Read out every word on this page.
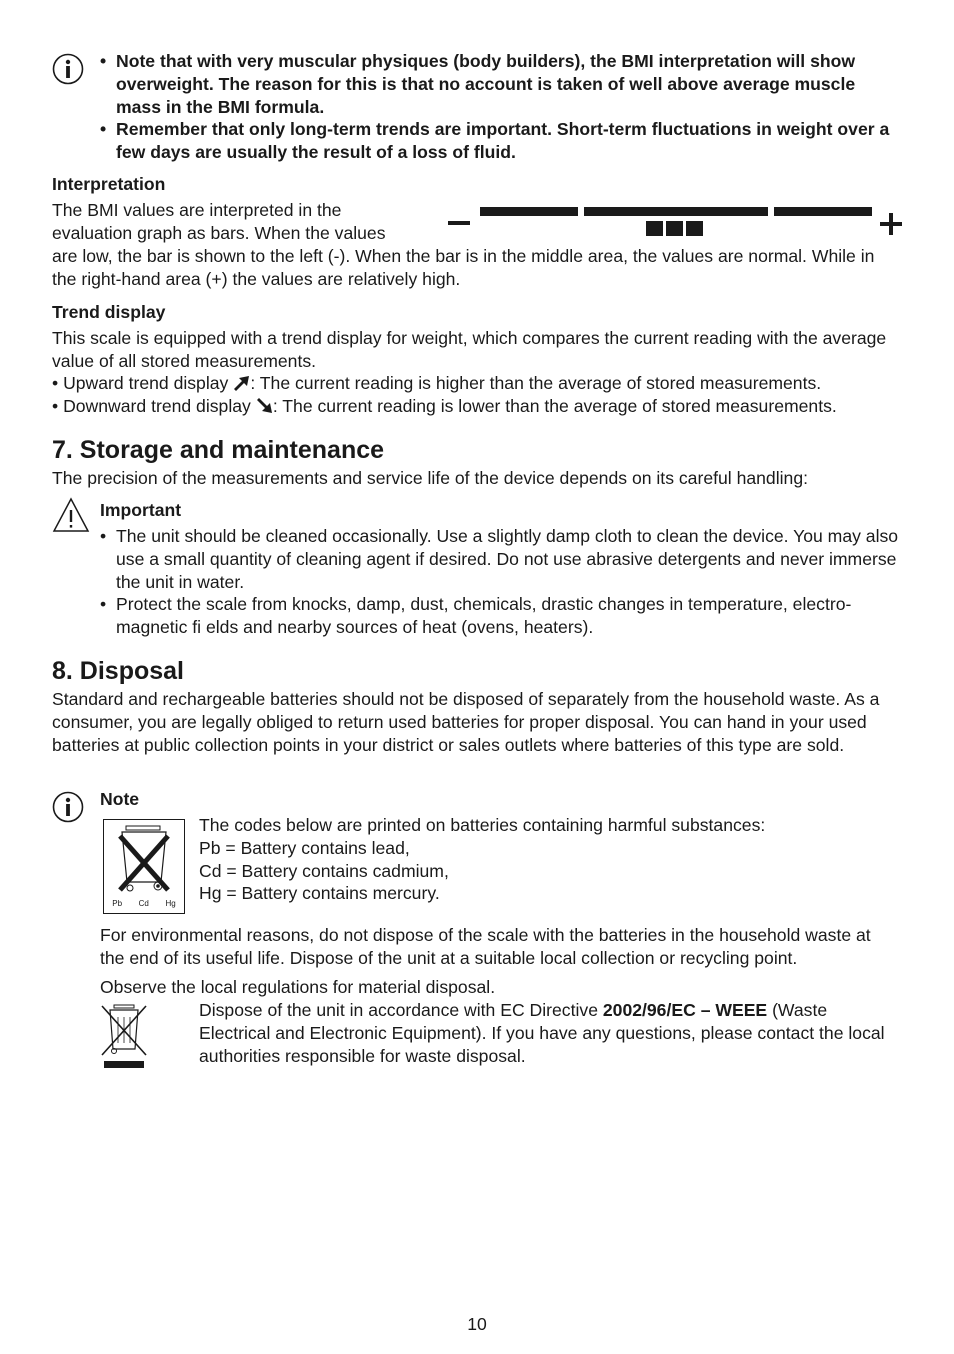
• Note that with very muscular physiques (body builders), the BMI interpretation will show overweight. The reason for this is that no account is taken of well above average muscle mass in the BMI formula.
• Remember that only long-term trends are important. Short-term fluctuations in weight over a few days are usually the result of a loss of fluid.
Interpretation
The BMI values are interpreted in the
evaluation graph as bars. When the values
are low, the bar is shown to the left (-). When the bar is in the middle area, the values are normal. While in the right-hand area (+) the values are relatively high.
Trend display
This scale is equipped with a trend display for weight, which compares the current reading with the average value of all stored measurements.
• Upward trend display : The current reading is higher than the average of stored measurements.
• Downward trend display : The current reading is lower than the average of stored measurements.
7. Storage and maintenance
The precision of the measurements and service life of the device depends on its careful handling:
Important
• The unit should be cleaned occasionally. Use a slightly damp cloth to clean the device. You may also use a small quantity of cleaning agent if desired. Do not use abrasive detergents and never immerse the unit in water.
• Protect the scale from knocks, damp, dust, chemicals, drastic changes in temperature, electro-magnetic fi elds and nearby sources of heat (ovens, heaters).
8. Disposal
Standard and rechargeable batteries should not be disposed of separately from the household waste. As a consumer, you are legally obliged to return used batteries for proper disposal. You can hand in your used batteries at public collection points in your district or sales outlets where batteries of this type are sold.
Note
Pb Cd Hg

The codes below are printed on batteries containing harmful substances:

Pb = Battery contains lead,

Cd = Battery contains cadmium,

Hg = Battery contains mercury.

For environmental reasons, do not dispose of the scale with the batteries in the household waste at the end of its useful life. Dispose of the unit at a suitable local collection or recycling point.
Observe the local regulations for material disposal.
Dispose of the unit in accordance with EC Directive 2002/96/EC – WEEE (Waste Electrical and Electronic Equipment). If you have any questions, please contact the local authorities responsible for waste disposal.
10
